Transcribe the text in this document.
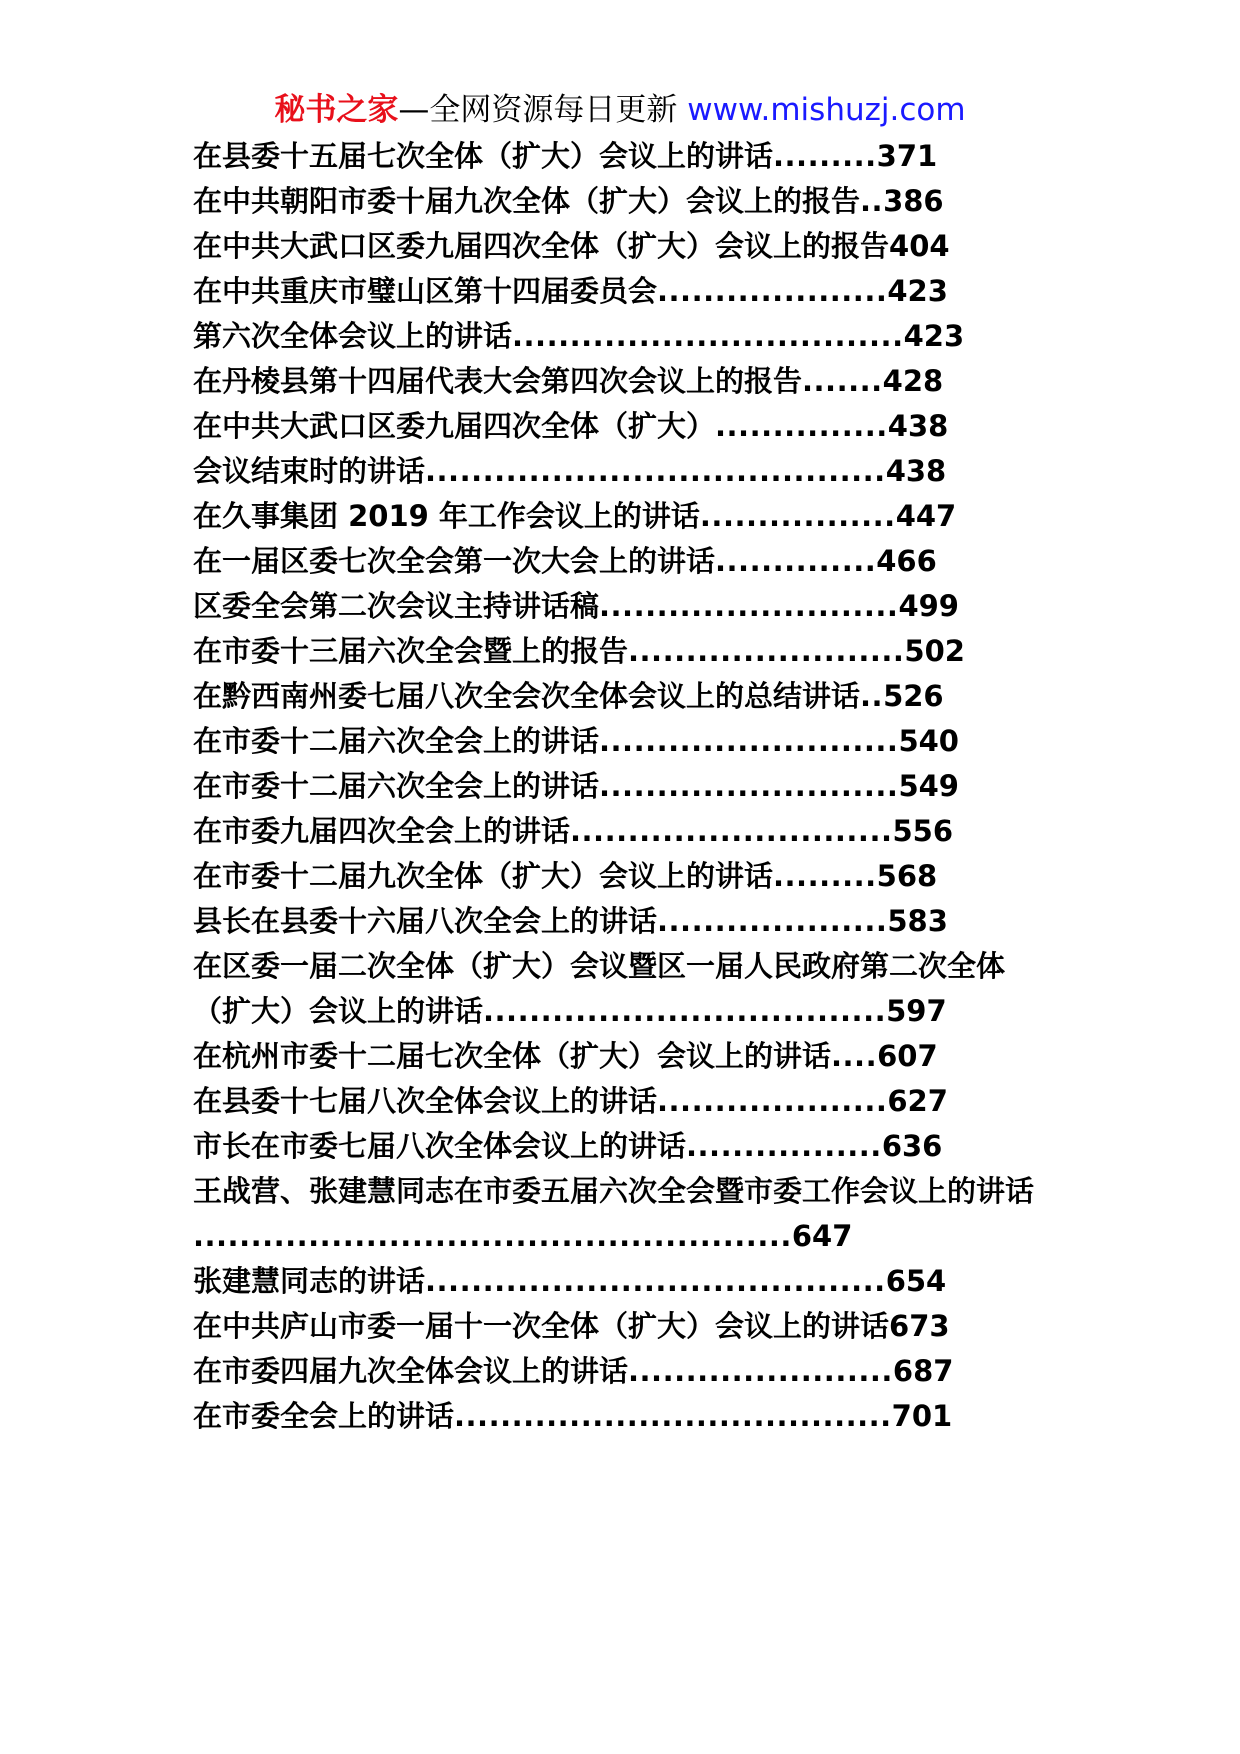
秘书之家—全网资源每日更新 www.mishuzj.com
在县委十五届七次全体（扩大）会议上的讲话.........371
在中共朝阳市委十届九次全体（扩大）会议上的报告..386
在中共大武口区委九届四次全体（扩大）会议上的报告404
在中共重庆市璧山区第十四届委员会....................423
第六次全体会议上的讲话..................................423
在丹棱县第十四届代表大会第四次会议上的报告.......428
在中共大武口区委九届四次全体（扩大）...............438
会议结束时的讲话........................................438
在久事集团 2019 年工作会议上的讲话.................447
在一届区委七次全会第一次大会上的讲话..............466
区委全会第二次会议主持讲话稿..........................499
在市委十三届六次全会暨上的报告........................502
在黔西南州委七届八次全会次全体会议上的总结讲话..526
在市委十二届六次全会上的讲话..........................540
在市委十二届六次全会上的讲话..........................549
在市委九届四次全会上的讲话............................556
在市委十二届九次全体（扩大）会议上的讲话.........568
县长在县委十六届八次全会上的讲话....................583
在区委一届二次全体（扩大）会议暨区一届人民政府第二次全体
（扩大）会议上的讲话...................................597
在杭州市委十二届七次全体（扩大）会议上的讲话....607
在县委十七届八次全体会议上的讲话....................627
市长在市委七届八次全体会议上的讲话.................636
王战营、张建慧同志在市委五届六次全会暨市委工作会议上的讲话
....................................................647
张建慧同志的讲话........................................654
在中共庐山市委一届十一次全体（扩大）会议上的讲话673
在市委四届九次全体会议上的讲话.......................687
在市委全会上的讲话......................................701
